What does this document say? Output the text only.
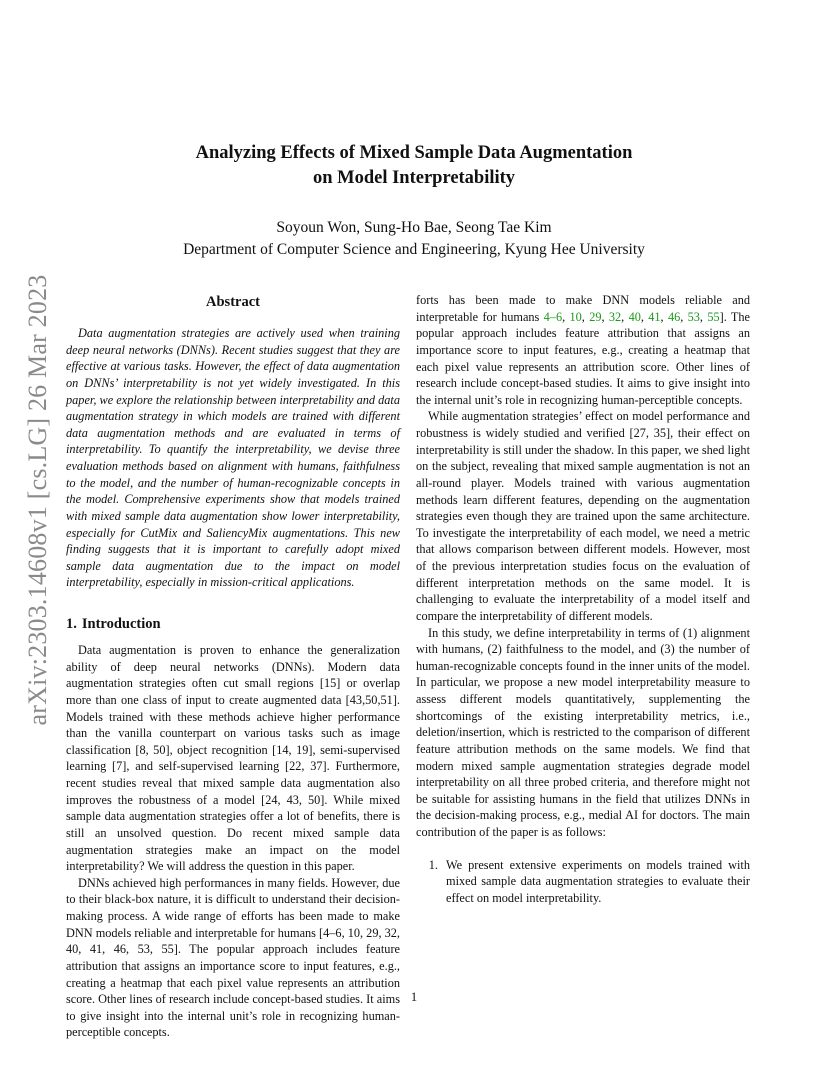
arXiv:2303.14608v1 [cs.LG] 26 Mar 2023
Analyzing Effects of Mixed Sample Data Augmentation
on Model Interpretability
Soyoun Won, Sung-Ho Bae, Seong Tae Kim
Department of Computer Science and Engineering, Kyung Hee University
Abstract

Data augmentation strategies are actively used when training deep neural networks (DNNs). Recent studies suggest that they are effective at various tasks. However, the effect of data augmentation on DNNs’ interpretability is not yet widely investigated. In this paper, we explore the relationship between interpretability and data augmentation strategy in which models are trained with different data augmentation methods and are evaluated in terms of interpretability. To quantify the interpretability, we devise three evaluation methods based on alignment with humans, faithfulness to the model, and the number of human-recognizable concepts in the model. Comprehensive experiments show that models trained with mixed sample data augmentation show lower interpretability, especially for CutMix and SaliencyMix augmentations. This new finding suggests that it is important to carefully adopt mixed sample data augmentation due to the impact on model interpretability, especially in mission-critical applications.

1. Introduction

Data augmentation is proven to enhance the generalization ability of deep neural networks (DNNs). Modern data augmentation strategies often cut small regions [15] or overlap more than one class of input to create augmented data [43,50,51]. Models trained with these methods achieve higher performance than the vanilla counterpart on various tasks such as image classification [8, 50], object recognition [14, 19], semi-supervised learning [7], and self-supervised learning [22, 37]. Furthermore, recent studies reveal that mixed sample data augmentation also improves the robustness of a model [24, 43, 50]. While mixed sample data augmentation strategies offer a lot of benefits, there is still an unsolved question. Do recent mixed sample data augmentation strategies make an impact on the model interpretability? We will address the question in this paper.

DNNs achieved high performances in many fields. However, due to their black-box nature, it is difficult to understand their decision-making process. A wide range of efforts has been made to make DNN models reliable and interpretable for humans [4–6, 10, 29, 32, 40, 41, 46, 53, 55]. The popular approach includes feature attribution that assigns an importance score to input features, e.g., creating a heatmap that each pixel value represents an attribution score. Other lines of research include concept-based studies. It aims to give insight into the internal unit’s role in recognizing human-perceptible concepts.

forts has been made to make DNN models reliable and interpretable for humans 4–6, 10, 29, 32, 40, 41, 46, 53, 55]. The popular approach includes feature attribution that assigns an importance score to input features, e.g., creating a heatmap that each pixel value represents an attribution score. Other lines of research include concept-based studies. It aims to give insight into the internal unit’s role in recognizing human-perceptible concepts.

While augmentation strategies’ effect on model performance and robustness is widely studied and verified [27, 35], their effect on interpretability is still under the shadow. In this paper, we shed light on the subject, revealing that mixed sample augmentation is not an all-round player. Models trained with various augmentation methods learn different features, depending on the augmentation strategies even though they are trained upon the same architecture. To investigate the interpretability of each model, we need a metric that allows comparison between different models. However, most of the previous interpretation studies focus on the evaluation of different interpretation methods on the same model. It is challenging to evaluate the interpretability of a model itself and compare the interpretability of different models.

In this study, we define interpretability in terms of (1) alignment with humans, (2) faithfulness to the model, and (3) the number of human-recognizable concepts found in the inner units of the model. In particular, we propose a new model interpretability measure to assess different models quantitatively, supplementing the shortcomings of the existing interpretability metrics, i.e., deletion/insertion, which is restricted to the comparison of different feature attribution methods on the same models. We find that modern mixed sample augmentation strategies degrade model interpretability on all three probed criteria, and therefore might not be suitable for assisting humans in the field that utilizes DNNs in the decision-making process, e.g., medial AI for doctors. The main contribution of the paper is as follows:

1. We present extensive experiments on models trained with mixed sample data augmentation strategies to evaluate their effect on model interpretability.
1
